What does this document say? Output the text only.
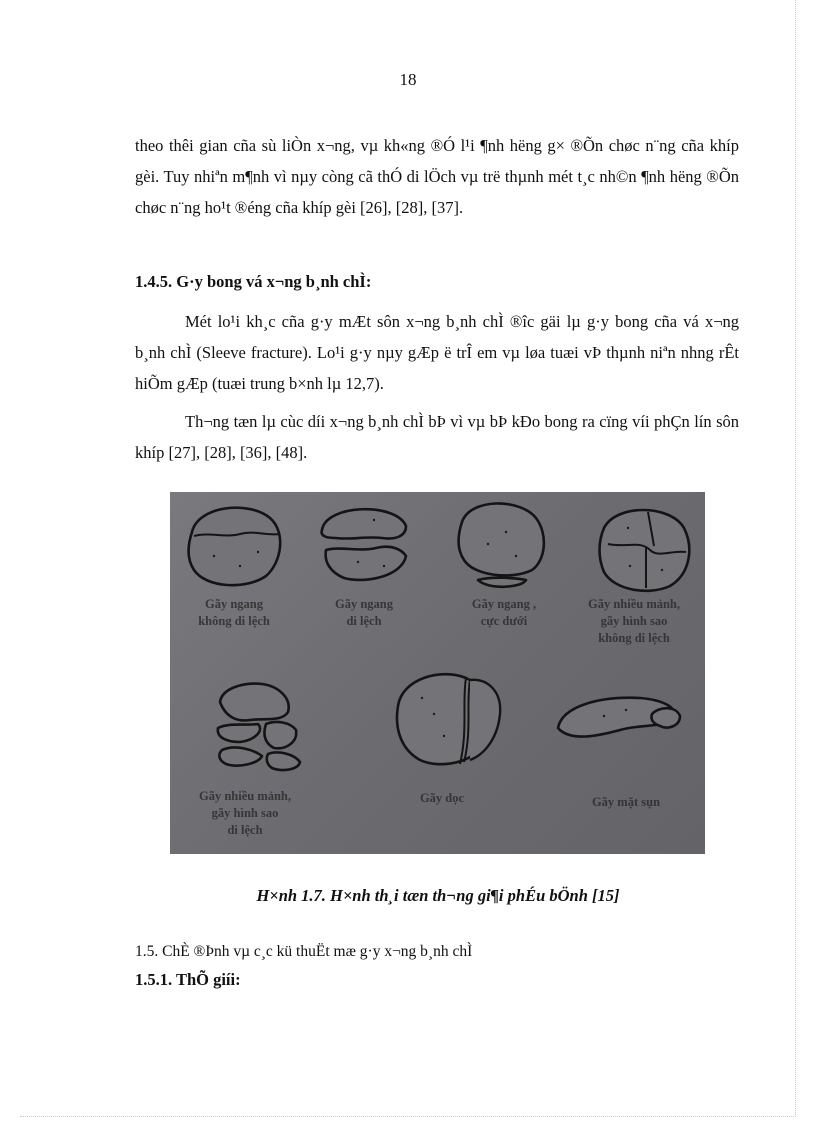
18

theo thêi gian cña sù liÒn x¬ng, vµ kh«ng ®Ó l¹i ¶nh hëng g× ®Õn chøc n¨ng cña khíp gèi. Tuy nhiªn m¶nh vì nµy còng cã thÓ di lÖch vµ trë thµnh mét t¸c nh©n ¶nh hëng ®Õn chøc n¨ng ho¹t ®éng cña khíp gèi [26], [28], [37].

1.4.5. G·y bong vá x¬ng b¸nh chÌ:

Mét lo¹i kh¸c cña g·y mÆt sôn x¬ng b¸nh chÌ ®îc gäi lµ g·y bong cña vá x¬ng b¸nh chÌ (Sleeve fracture). Lo¹i g·y nµy gÆp ë trÎ em vµ løa tuæi vÞ thµnh niªn nhng rÊt hiÕm gÆp (tuæi trung b×nh lµ 12,7).

Th¬ng tæn lµ cùc díi x¬ng b¸nh chÌ bÞ vì vµ bÞ kÐo bong ra cïng víi phÇn lín sôn khíp [27], [28], [36], [48].

Gãy ngang
không di lệch
Gãy ngang
di lệch
Gãy ngang ,
cực dưới
Gãy nhiều mảnh,
gãy hình sao
không di lệch
Gãy nhiều mảnh,
gãy hình sao
di lệch
Gãy dọc	Gãy mặt sụn
H×nh 1.7. H×nh th¸i tæn th¬ng gi¶i phÉu bÖnh [15]
1.5. ChÈ ®Þnh vµ c¸c kü thuËt mæ g·y x¬ng b¸nh chÌ

1.5.1. ThÕ giíi:
